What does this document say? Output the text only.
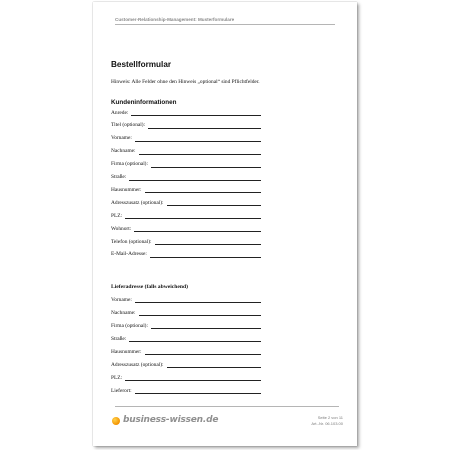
Customer-Relationship-Management: Musterformulare
Bestellformular
Hinweis: Alle Felder ohne den Hinweis „optional“ sind Pflichtfelder.
Kundeninformationen
Anrede:
Titel (optional):
Vorname:
Nachname:
Firma (optional):
Straße:
Hausnummer:
Adresszusatz (optional):
PLZ:
Wohnort:
Telefon (optional):
E-Mail-Adresse:
Lieferadresse (falls abweichend)
Vorname:
Nachname:
Firma (optional):
Straße:
Hausnummer:
Adresszusatz (optional):
PLZ:
Lieferort:
business-wissen.de	Seite 2 von 11
Art.-Nr. 06.103.00
